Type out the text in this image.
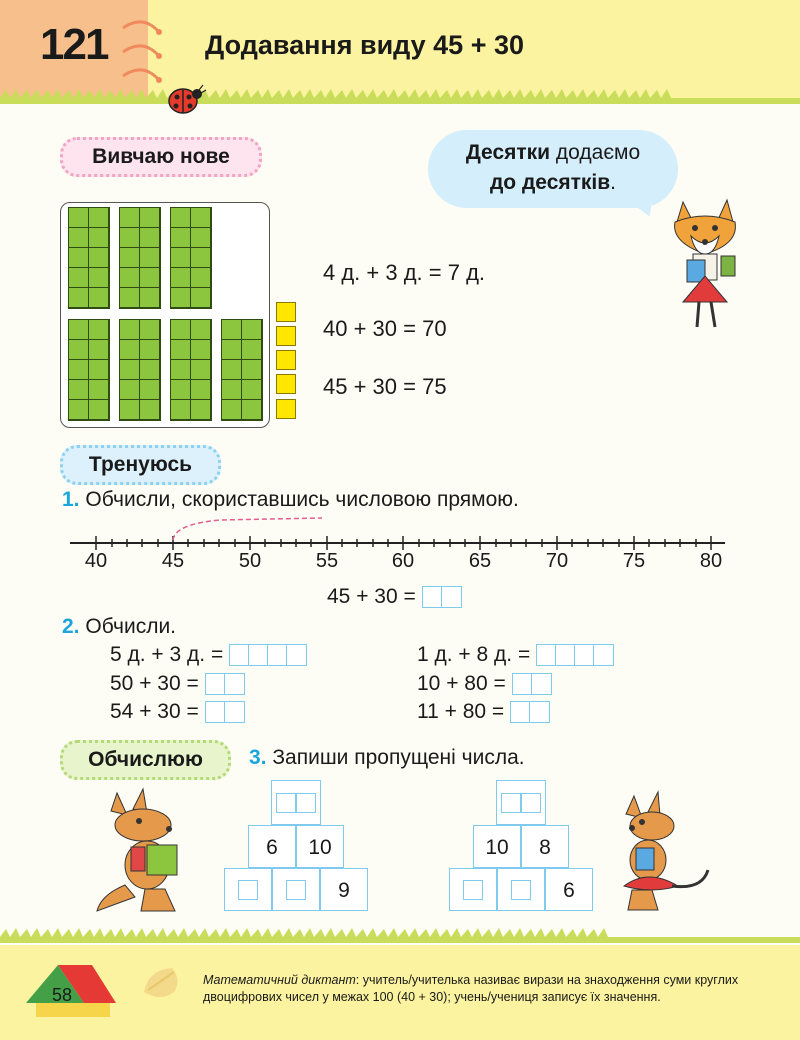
121	Додавання виду 45 + 30
Вивчаю нове	Десятки додаємо
до десятків.
4 д. + 3 д. = 7 д.
40 + 30 = 70
45 + 30 = 75
Тренуюсь
1. Обчисли, скориставшись числовою прямою.
40	45	50	55	60	65	70	75	80
45 + 30 =
2. Обчисли.
5 д. + 3 д. =
50 + 30 =
54 + 30 =
1 д. + 8 д. =
10 + 80 =
11 + 80 =
Обчислюю	3. Запиши пропущені числа.
6	10
9
10	8
6
58
Математичний диктант: учитель/учителька називає вирази на знаходження суми круглих двоцифрових чисел у межах 100 (40 + 30); учень/учениця записує їх значення.
